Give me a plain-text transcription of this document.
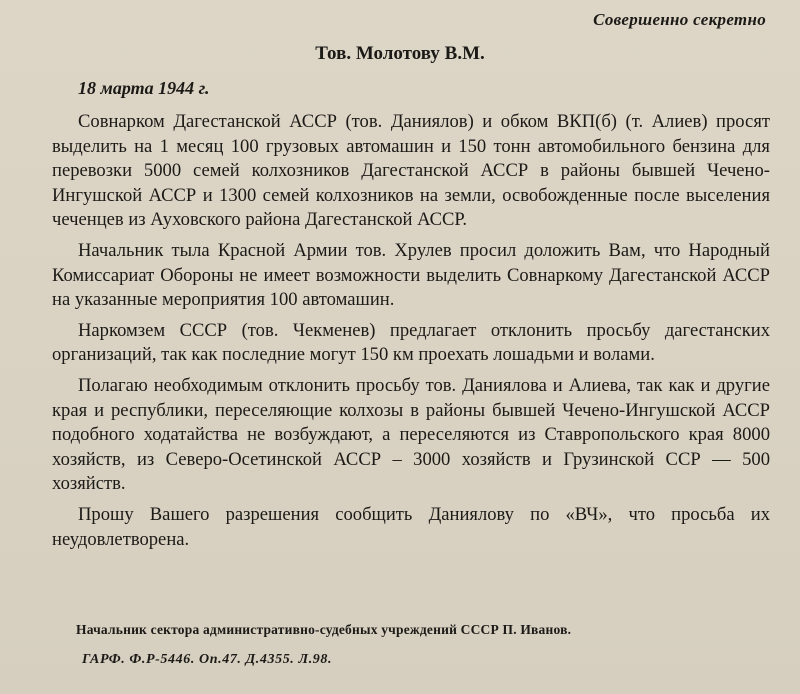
Совершенно секретно
Тов. Молотову В.М.
18 марта 1944 г.

Совнарком Дагестанской АССР (тов. Даниялов) и обком ВКП(б) (т. Алиев) просят выделить на 1 месяц 100 грузовых автомашин и 150 тонн автомобильного бензина для перевозки 5000 семей колхозников Дагестанской АССР в районы бывшей Чечено-Ингушской АССР и 1300 семей колхозников на земли, освобожденные после выселения чеченцев из Ауховского района Дагестанской АССР.

Начальник тыла Красной Армии тов. Хрулев просил доложить Вам, что Народный Комиссариат Обороны не имеет возможности выделить Совнаркому Дагестанской АССР на указанные мероприятия 100 автомашин.

Наркомзем СССР (тов. Чекменев) предлагает отклонить просьбу дагестанских организаций, так как последние могут 150 км проехать лошадьми и волами.

Полагаю необходимым отклонить просьбу тов. Даниялова и Алиева, так как и другие края и республики, переселяющие колхозы в районы бывшей Чечено-Ингушской АССР подобного ходатайства не возбуждают, а переселяются из Ставропольского края 8000 хозяйств, из Северо-Осетинской АССР – 3000 хозяйств и Грузинской ССР — 500 хозяйств.

Прошу Вашего разрешения сообщить Даниялову по «ВЧ», что просьба их неудовлетворена.

Начальник сектора административно-судебных учреждений СССР П. Иванов.
ГАРФ. Ф.Р-5446. Оп.47. Д.4355. Л.98.
